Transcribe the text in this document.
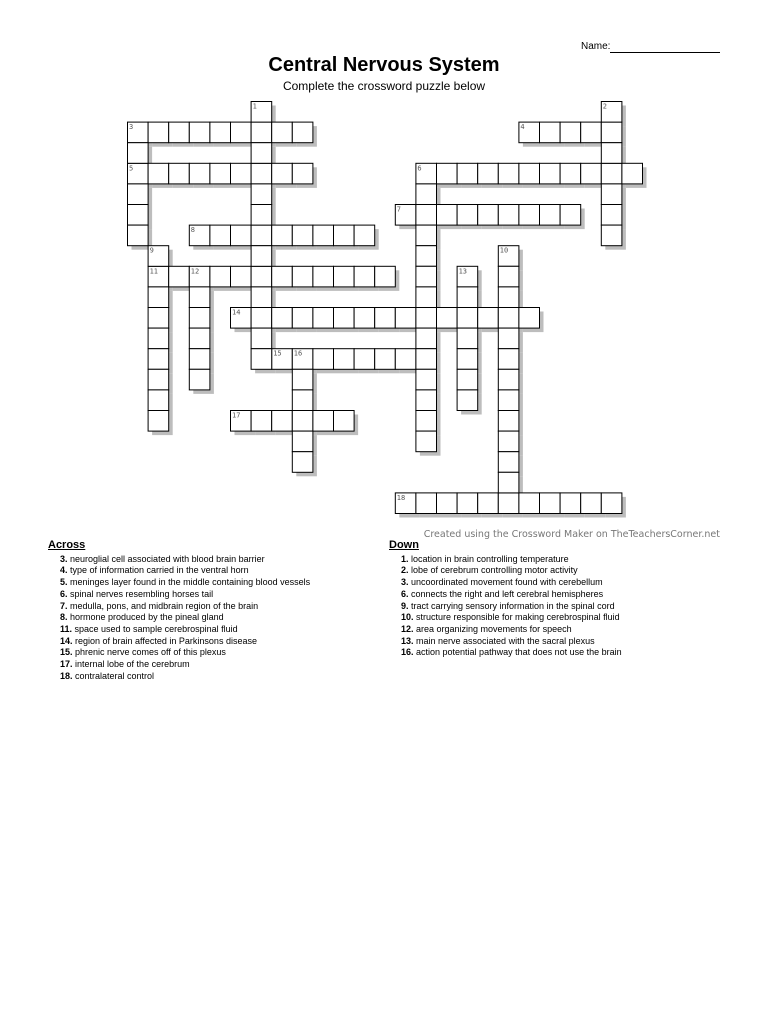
Name:
Central Nervous System
Complete the crossword puzzle below
3	4
5	6
7
8
11
14
15
17
18
1	2
9	10
12	13
16
Created using the Crossword Maker on TheTeachersCorner.net
Across
3. neuroglial cell associated with blood brain barrier
4. type of information carried in the ventral horn
5. meninges layer found in the middle containing blood vessels
6. spinal nerves resembling horses tail
7. medulla, pons, and midbrain region of the brain
8. hormone produced by the pineal gland
11. space used to sample cerebrospinal fluid
14. region of brain affected in Parkinsons disease
15. phrenic nerve comes off of this plexus
17. internal lobe of the cerebrum
18. contralateral control
Down
1. location in brain controlling temperature
2. lobe of cerebrum controlling motor activity
3. uncoordinated movement found with cerebellum
6. connects the right and left cerebral hemispheres
9. tract carrying sensory information in the spinal cord
10. structure responsible for making cerebrospinal fluid
12. area organizing movements for speech
13. main nerve associated with the sacral plexus
16. action potential pathway that does not use the brain
